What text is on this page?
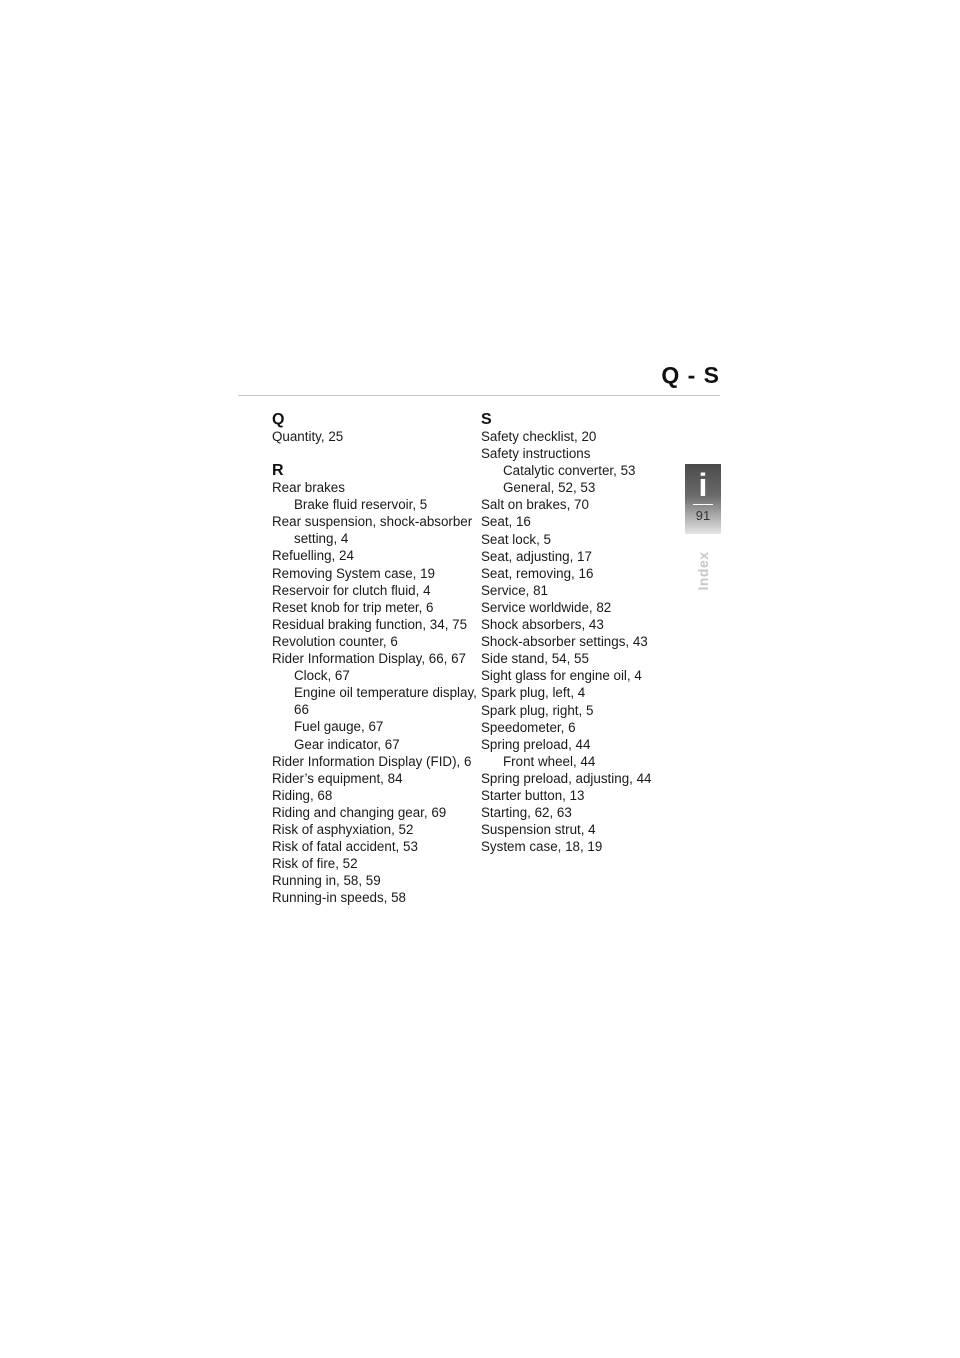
Q - S
Q
Quantity, 25
R
Rear brakes
Brake fluid reservoir, 5
Rear suspension, shock-absorber
setting, 4
Refuelling, 24
Removing System case, 19
Reservoir for clutch fluid, 4
Reset knob for trip meter, 6
Residual braking function, 34, 75
Revolution counter, 6
Rider Information Display, 66, 67
Clock, 67
Engine oil temperature display,
66
Fuel gauge, 67
Gear indicator, 67
Rider Information Display (FID), 6
Rider’s equipment, 84
Riding, 68
Riding and changing gear, 69
Risk of asphyxiation, 52
Risk of fatal accident, 53
Risk of fire, 52
Running in, 58, 59
Running-in speeds, 58
S
Safety checklist, 20
Safety instructions
Catalytic converter, 53
General, 52, 53
Salt on brakes, 70
Seat, 16
Seat lock, 5
Seat, adjusting, 17
Seat, removing, 16
Service, 81
Service worldwide, 82
Shock absorbers, 43
Shock-absorber settings, 43
Side stand, 54, 55
Sight glass for engine oil, 4
Spark plug, left, 4
Spark plug, right, 5
Speedometer, 6
Spring preload, 44
Front wheel, 44
Spring preload, adjusting, 44
Starter button, 13
Starting, 62, 63
Suspension strut, 4
System case, 18, 19
i
91
Index
